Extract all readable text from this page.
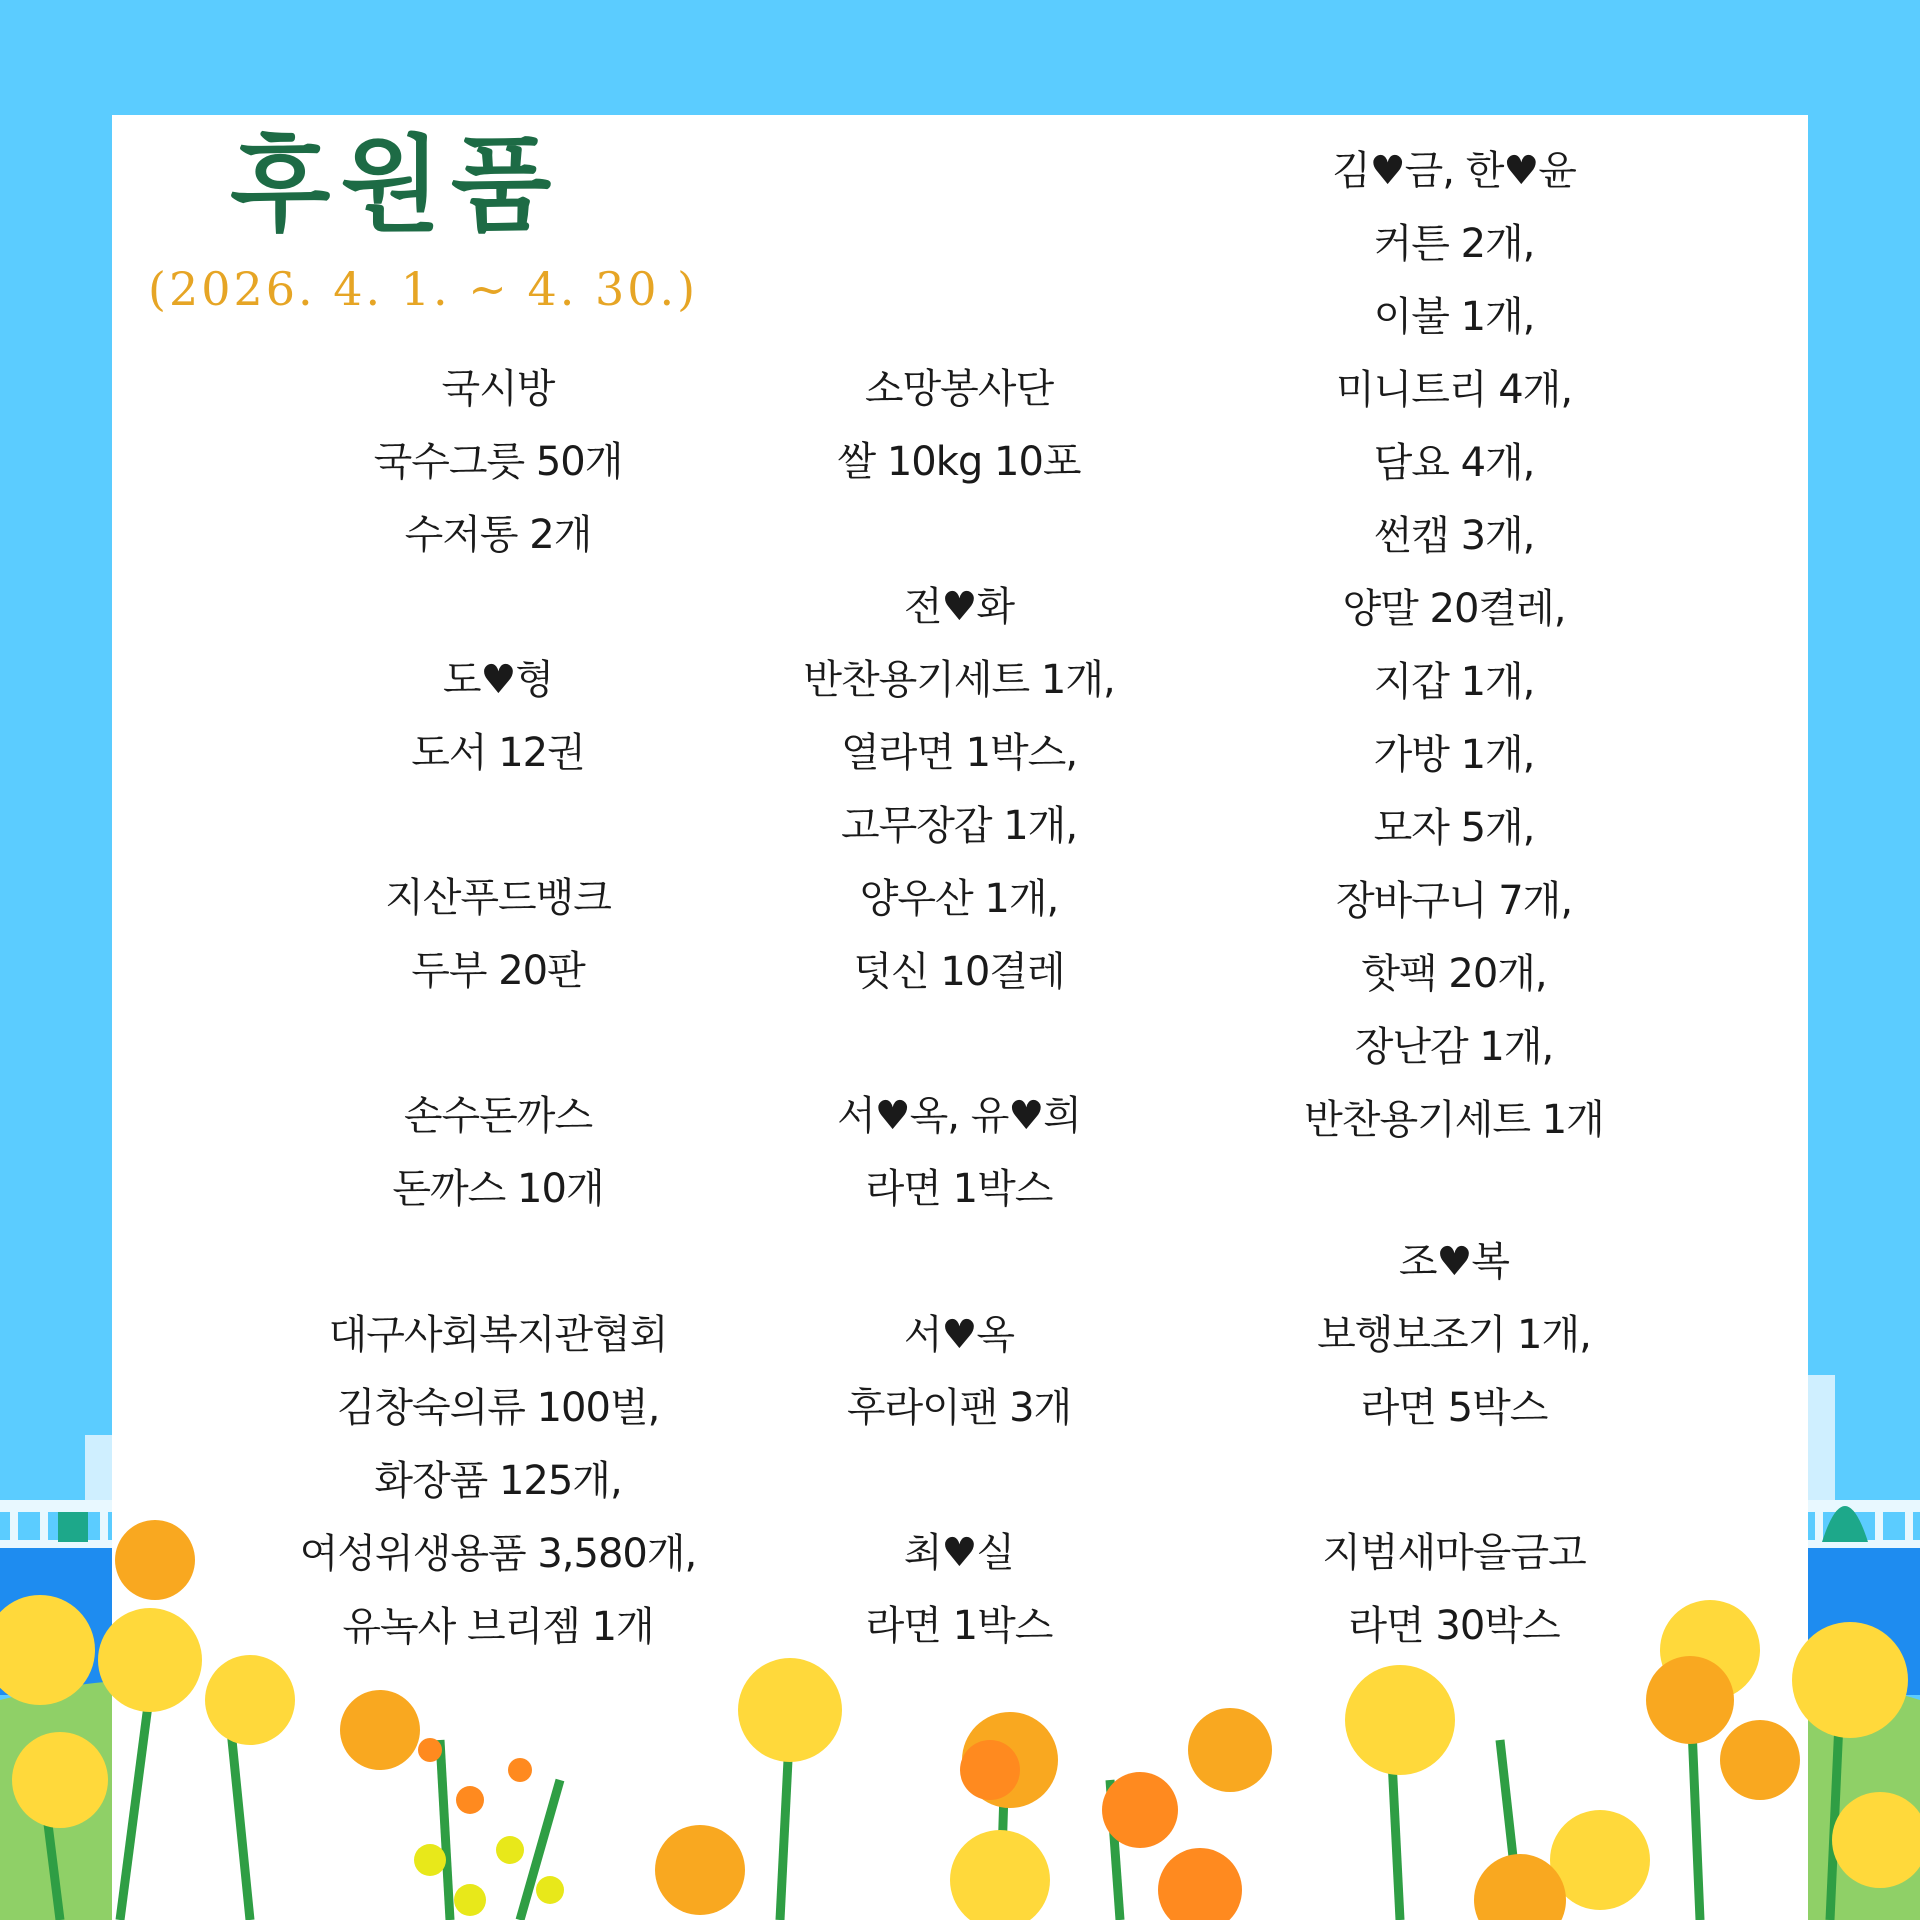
후원품
(2026. 4. 1. ~ 4. 30.)
국시방
국수그릇 50개
수저통 2개
도♥형
도서 12권
지산푸드뱅크
두부 20판
손수돈까스
돈까스 10개
대구사회복지관협회
김창숙의류 100벌,
화장품 125개,
여성위생용품 3,580개,
유녹사 브리젬 1개
소망봉사단
쌀 10kg 10포
전♥화
반찬용기세트 1개,
열라면 1박스,
고무장갑 1개,
양우산 1개,
덧신 10결레
서♥옥, 유♥희
라면 1박스
서♥옥
후라이팬 3개
최♥실
라면 1박스
김♥금, 한♥윤
커튼 2개,
이불 1개,
미니트리 4개,
담요 4개,
썬캡 3개,
양말 20켤레,
지갑 1개,
가방 1개,
모자 5개,
장바구니 7개,
핫팩 20개,
장난감 1개,
반찬용기세트 1개
조♥복
보행보조기 1개,
라면 5박스
지범새마을금고
라면 30박스
